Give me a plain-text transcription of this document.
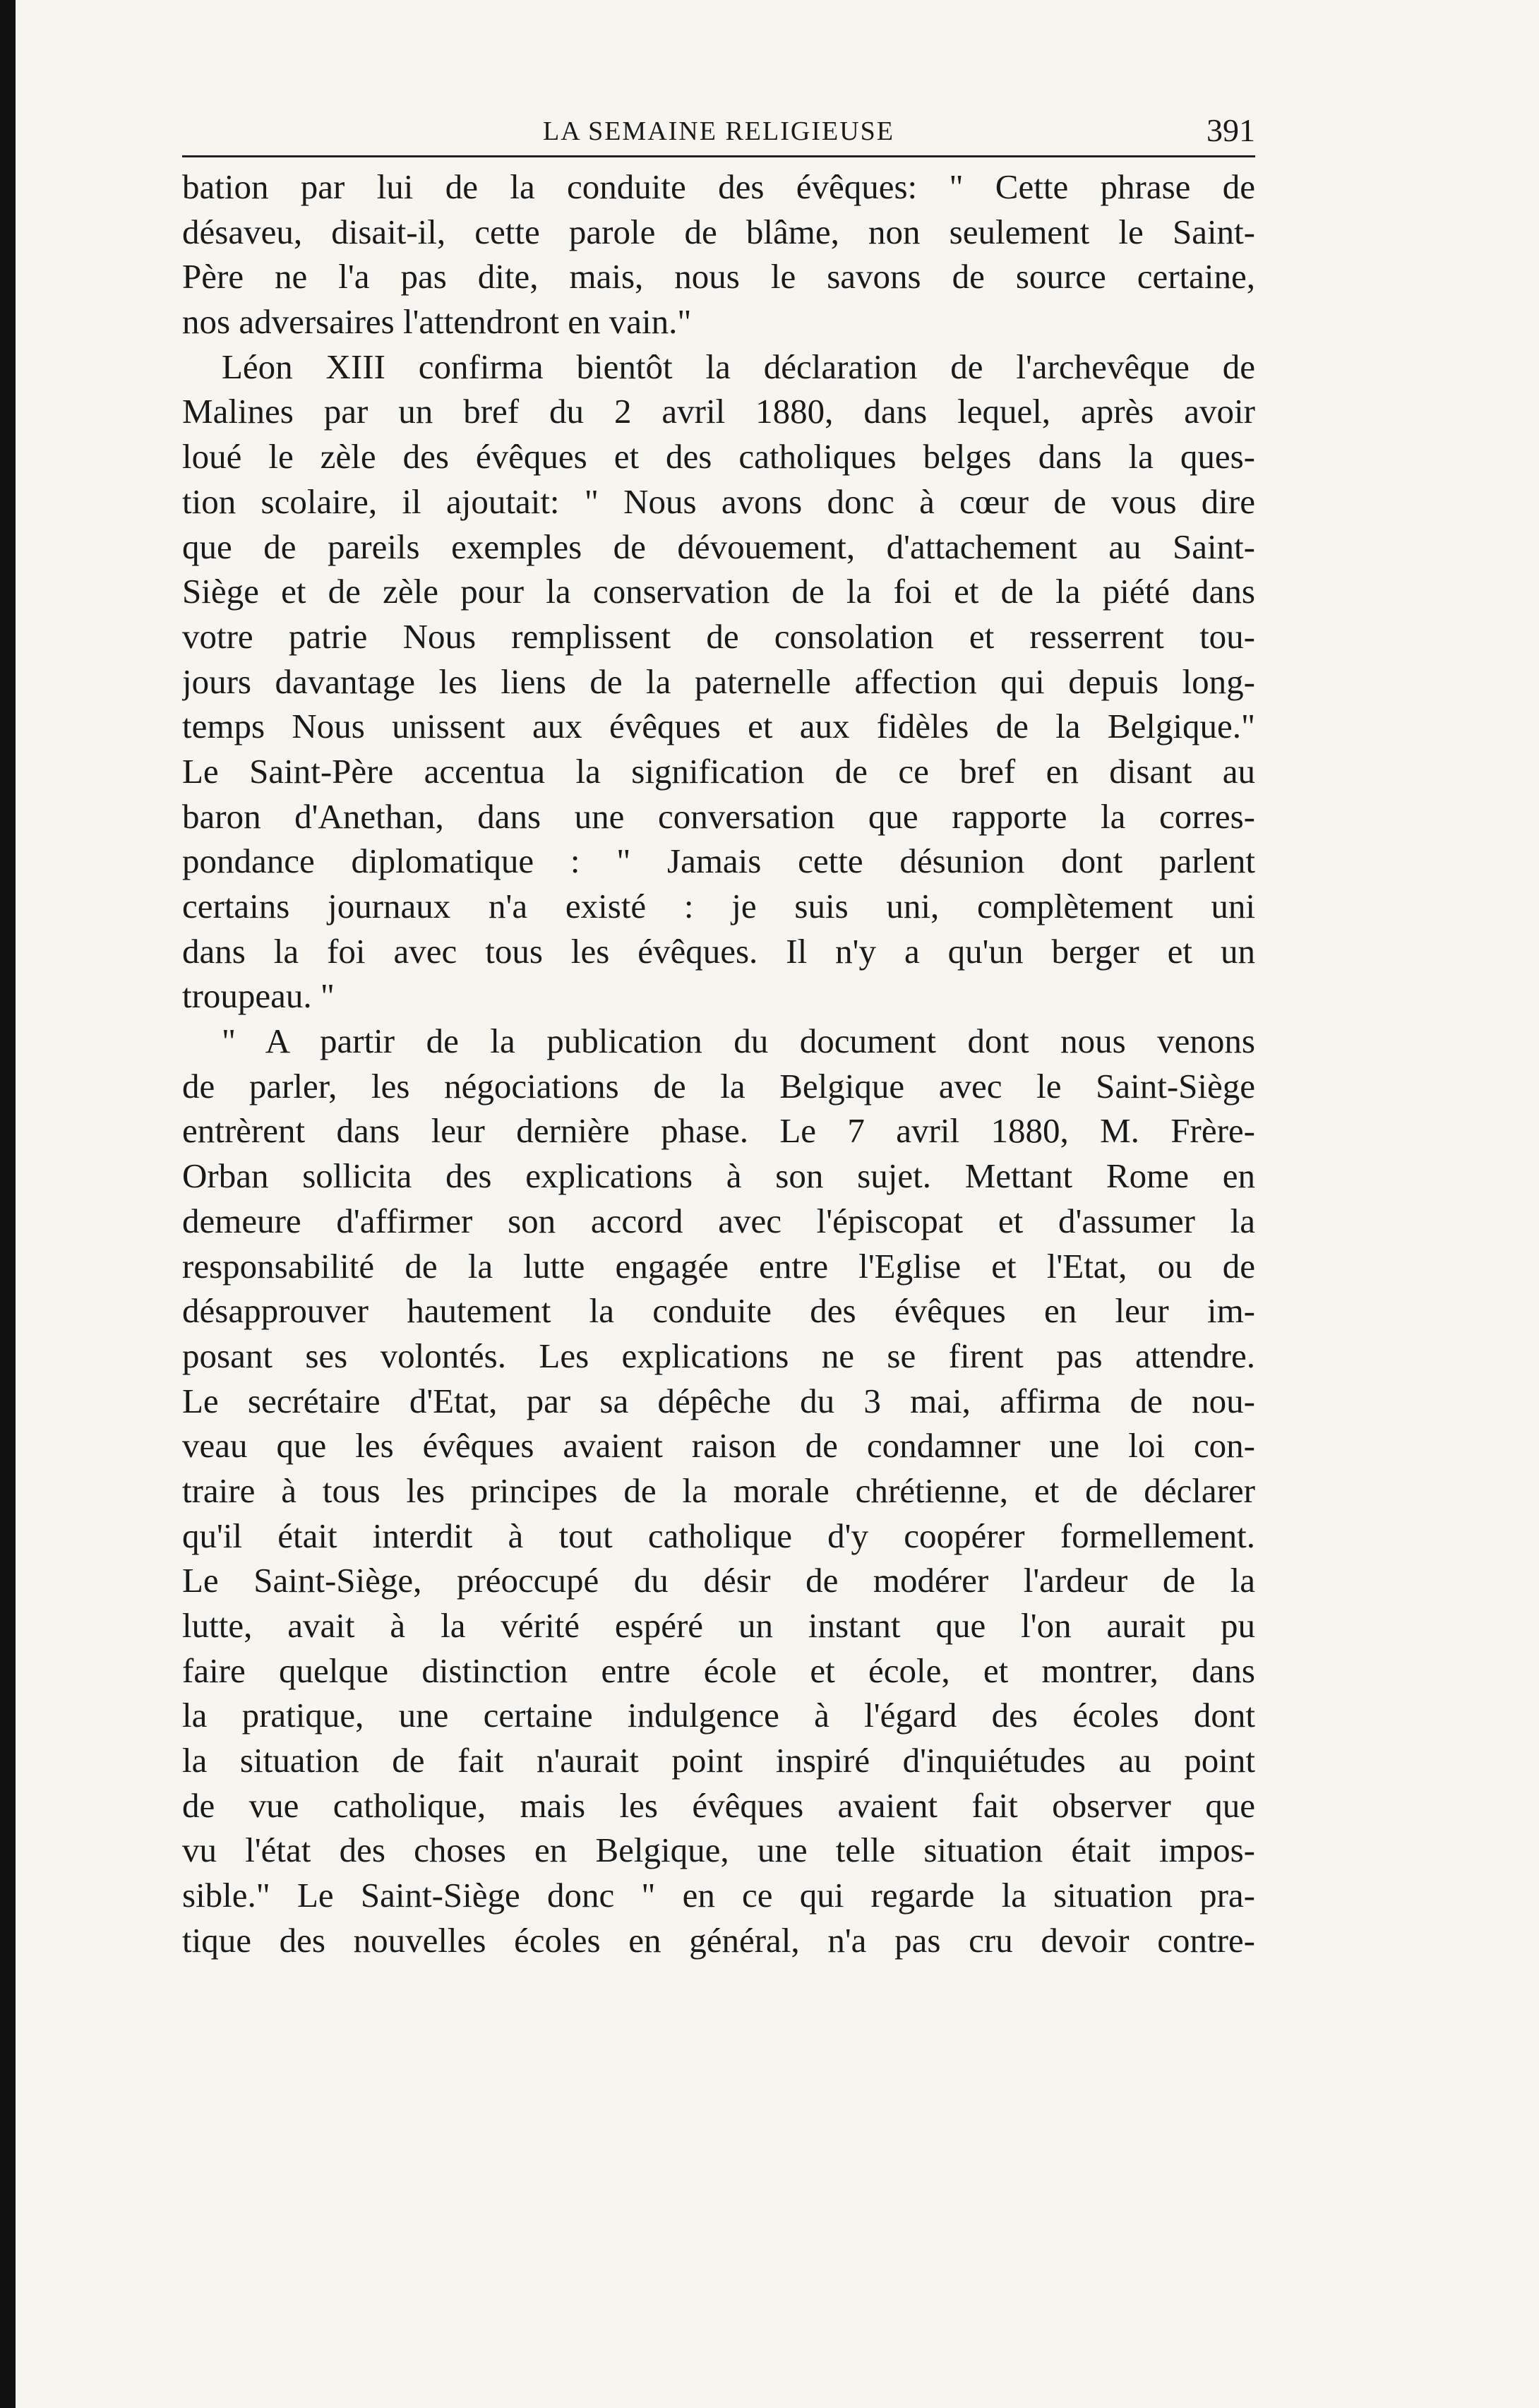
LA SEMAINE RELIGIEUSE	391
bation par lui de la conduite des évêques: " Cette phrase de
désaveu, disait-il, cette parole de blâme, non seulement le Saint-
Père ne l'a pas dite, mais, nous le savons de source certaine,
nos adversaires l'attendront en vain."
Léon XIII confirma bientôt la déclaration de l'archevêque de
Malines par un bref du 2 avril 1880, dans lequel, après avoir
loué le zèle des évêques et des catholiques belges dans la ques-
tion scolaire, il ajoutait: " Nous avons donc à cœur de vous dire
que de pareils exemples de dévouement, d'attachement au Saint-
Siège et de zèle pour la conservation de la foi et de la piété dans
votre patrie Nous remplissent de consolation et resserrent tou-
jours davantage les liens de la paternelle affection qui depuis long-
temps Nous unissent aux évêques et aux fidèles de la Belgique."
Le Saint-Père accentua la signification de ce bref en disant au
baron d'Anethan, dans une conversation que rapporte la corres-
pondance diplomatique : " Jamais cette désunion dont parlent
certains journaux n'a existé : je suis uni, complètement uni
dans la foi avec tous les évêques. Il n'y a qu'un berger et un
troupeau. "
" A partir de la publication du document dont nous venons
de parler, les négociations de la Belgique avec le Saint-Siège
entrèrent dans leur dernière phase. Le 7 avril 1880, M. Frère-
Orban sollicita des explications à son sujet. Mettant Rome en
demeure d'affirmer son accord avec l'épiscopat et d'assumer la
responsabilité de la lutte engagée entre l'Eglise et l'Etat, ou de
désapprouver hautement la conduite des évêques en leur im-
posant ses volontés. Les explications ne se firent pas attendre.
Le secrétaire d'Etat, par sa dépêche du 3 mai, affirma de nou-
veau que les évêques avaient raison de condamner une loi con-
traire à tous les principes de la morale chrétienne, et de déclarer
qu'il était interdit à tout catholique d'y coopérer formellement.
Le Saint-Siège, préoccupé du désir de modérer l'ardeur de la
lutte, avait à la vérité espéré un instant que l'on aurait pu
faire quelque distinction entre école et école, et montrer, dans
la pratique, une certaine indulgence à l'égard des écoles dont
la situation de fait n'aurait point inspiré d'inquiétudes au point
de vue catholique, mais les évêques avaient fait observer que
vu l'état des choses en Belgique, une telle situation était impos-
sible." Le Saint-Siège donc " en ce qui regarde la situation pra-
tique des nouvelles écoles en général, n'a pas cru devoir contre-
